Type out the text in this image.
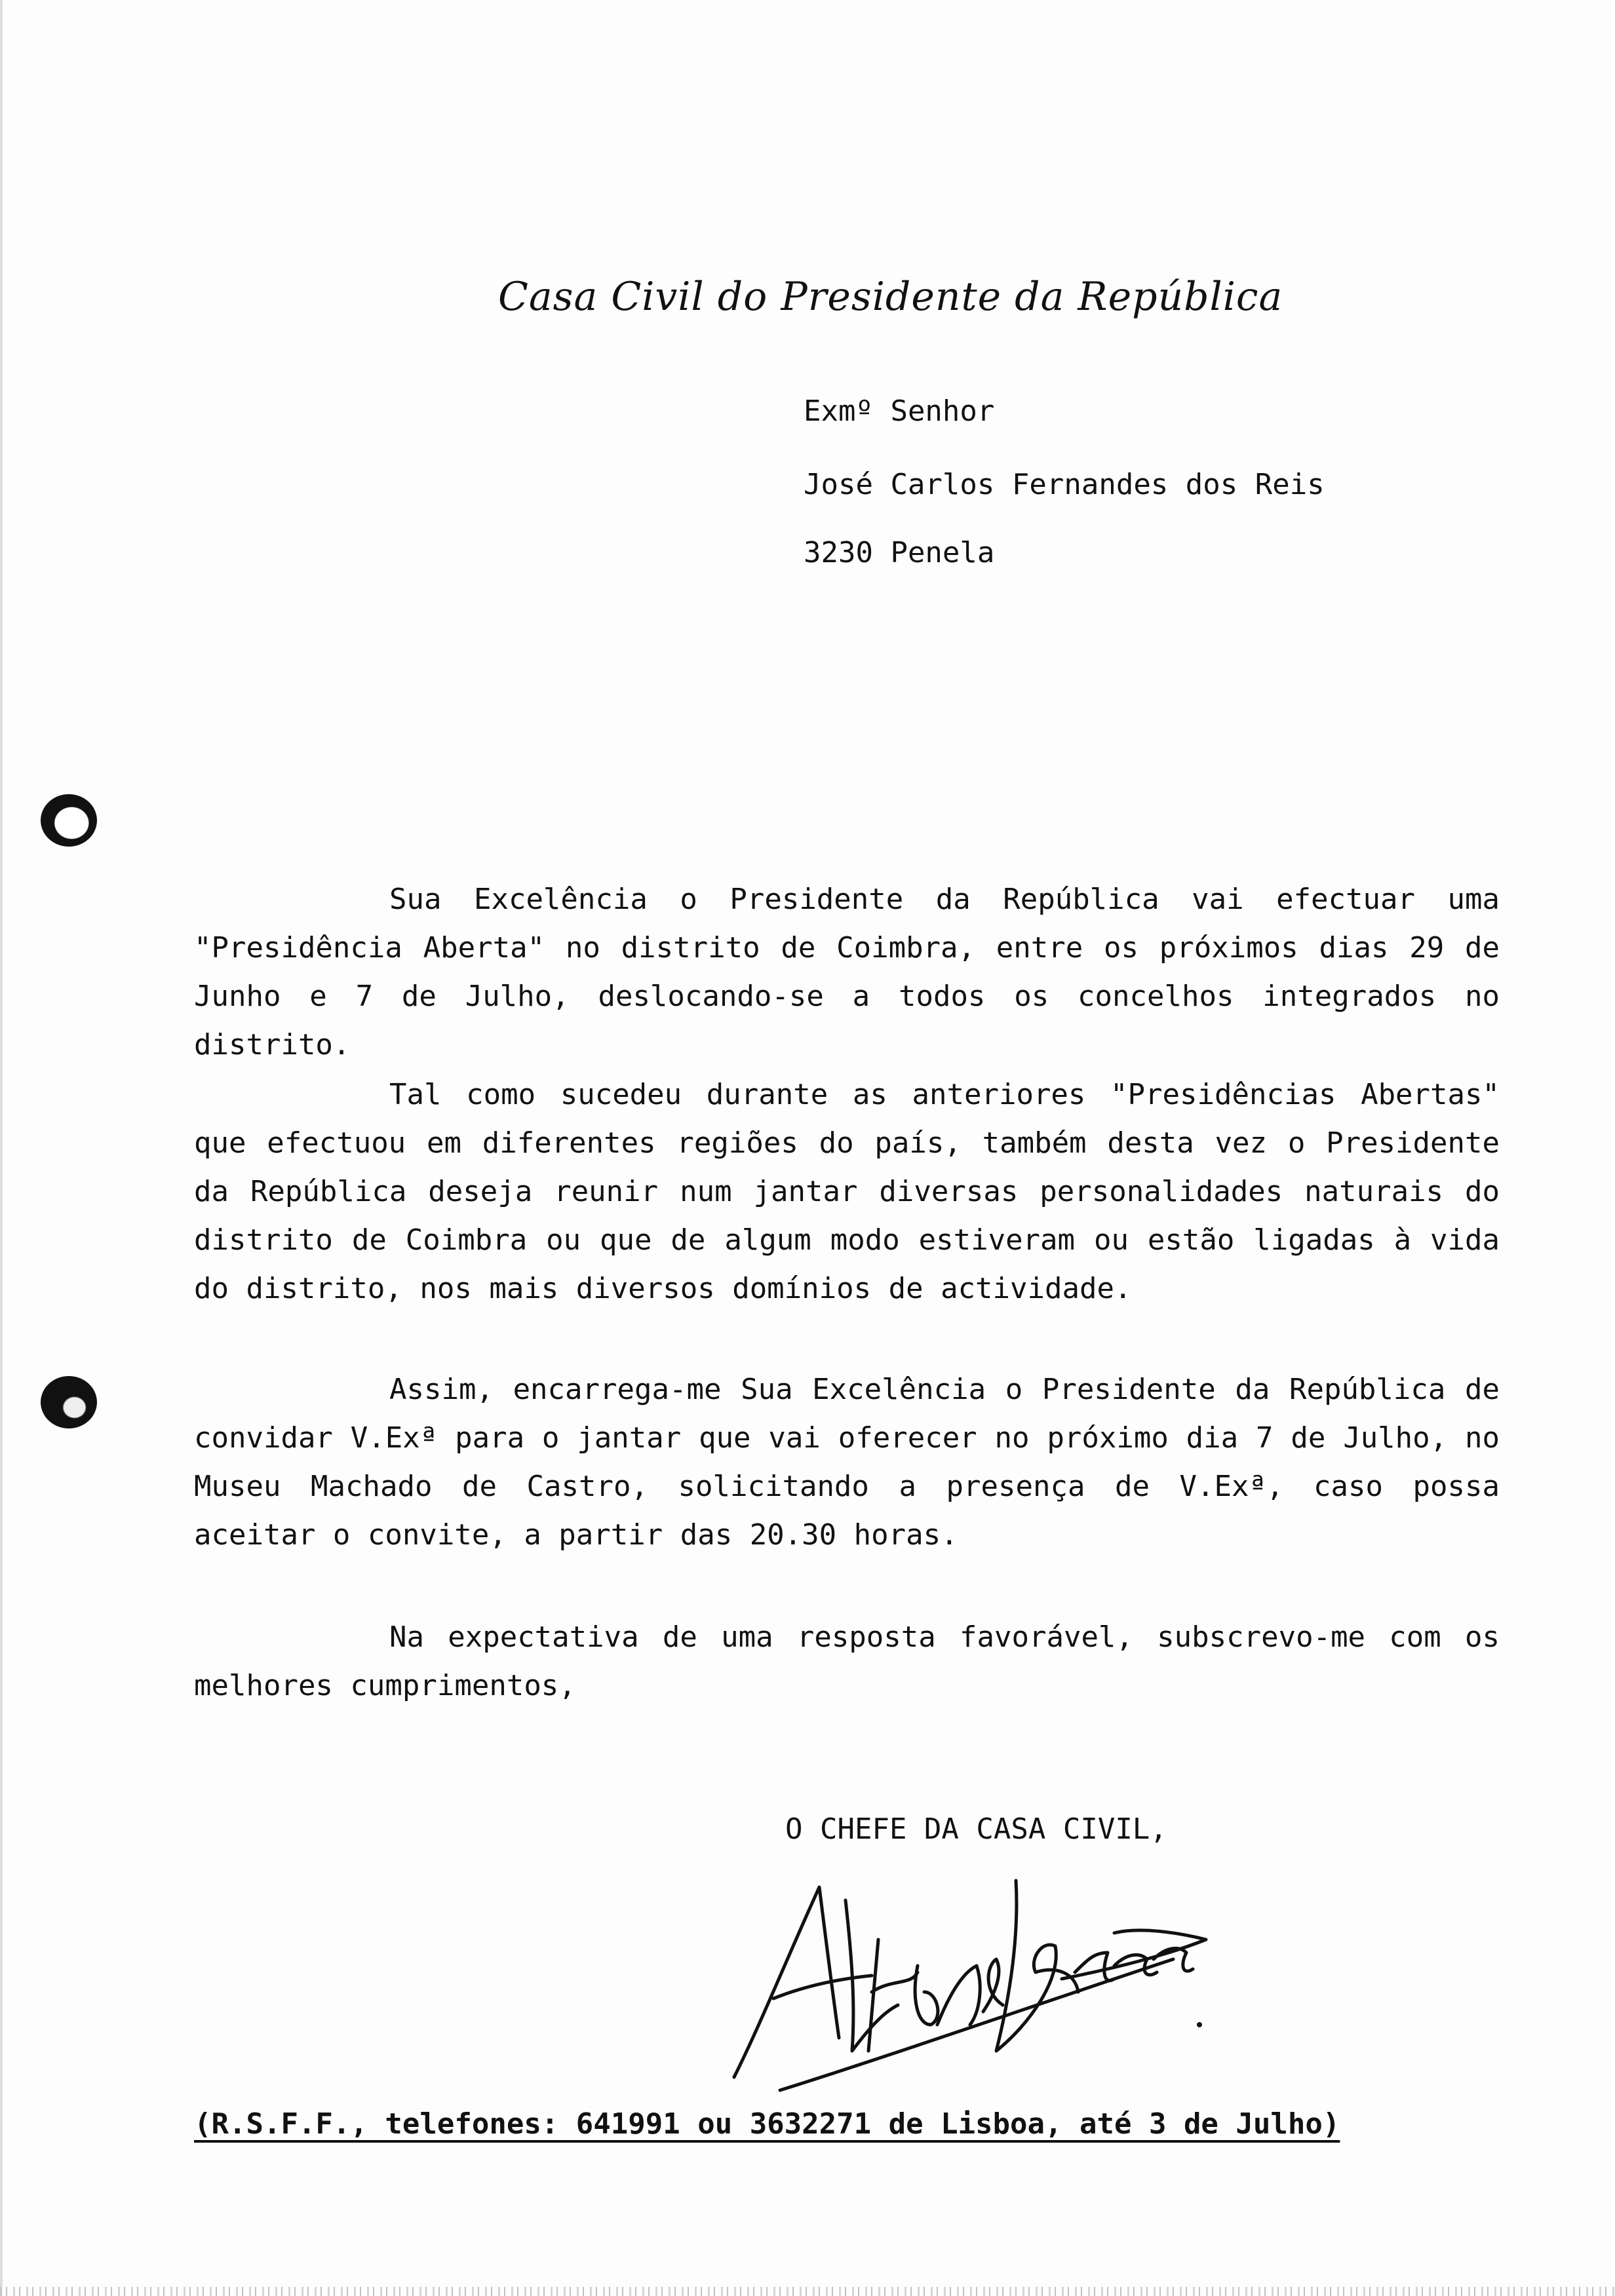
Casa Civil do Presidente da República
Exmº Senhor
José Carlos Fernandes dos Reis
3230 Penela

Sua Excelência o Presidente da República vai efectuar uma "Presidência Aberta" no distrito de Coimbra, entre os próximos dias 29 de Junho e 7 de Julho, deslocando-se a todos os concelhos integrados no distrito.

Tal como sucedeu durante as anteriores "Presidências Abertas" que efectuou em diferentes regiões do país, também desta vez o Presidente da República deseja reunir num jantar diversas personalidades naturais do distrito de Coimbra ou que de algum modo estiveram ou estão ligadas à vida do distrito, nos mais diversos domínios de actividade.

Assim, encarrega-me Sua Excelência o Presidente da República de convidar V.Exª para o jantar que vai oferecer no próximo dia 7 de Julho, no Museu Machado de Castro, solicitando a presença de V.Exª, caso possa aceitar o convite, a partir das 20.30 horas.

Na expectativa de uma resposta favorável, subscrevo-me com os melhores cumprimentos,

O CHEFE DA CASA CIVIL,
(R.S.F.F., telefones: 641991 ou 3632271 de Lisboa, até 3 de Julho)
